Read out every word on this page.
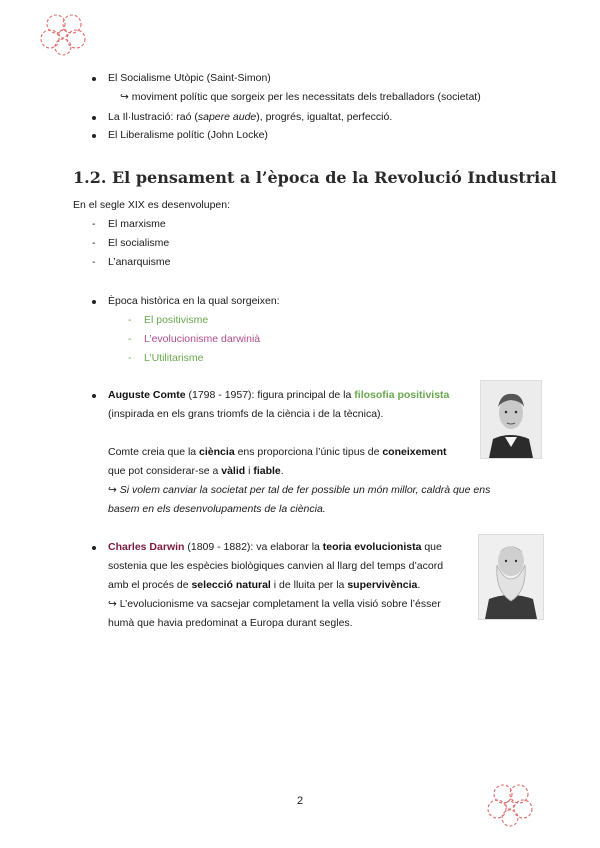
El Socialisme Utòpic (Saint-Simon)
↪ moviment polític que sorgeix per les necessitats dels treballadors (societat)
La Il·lustració: raó (sapere aude), progrés, igualtat, perfecció.
El Liberalisme polític (John Locke)
1.2. El pensament a l’època de la Revolució Industrial
En el segle XIX es desenvolupen:
- El marxisme
- El socialisme
- L’anarquisme
Època històrica en la qual sorgeixen:
- El positivisme
- L’evolucionisme darwinià
- L’Utilitarisme
Auguste Comte (1798 - 1957): figura principal de la filosofia positivista
(inspirada en els grans triomfs de la ciència i de la tècnica).
Comte creia que la ciència ens proporciona l’únic tipus de coneixement
que pot considerar-se a vàlid i fiable.
↪ Si volem canviar la societat per tal de fer possible un món millor, caldrà que ens
basem en els desenvolupaments de la ciència.
Charles Darwin (1809 - 1882): va elaborar la teoria evolucionista que
sostenia que les espècies biològiques canvien al llarg del temps d’acord
amb el procés de selecció natural i de lluita per la supervivència.
↪ L’evolucionisme va sacsejar completament la vella visió sobre l’ésser
humà que havia predominat a Europa durant segles.
2
